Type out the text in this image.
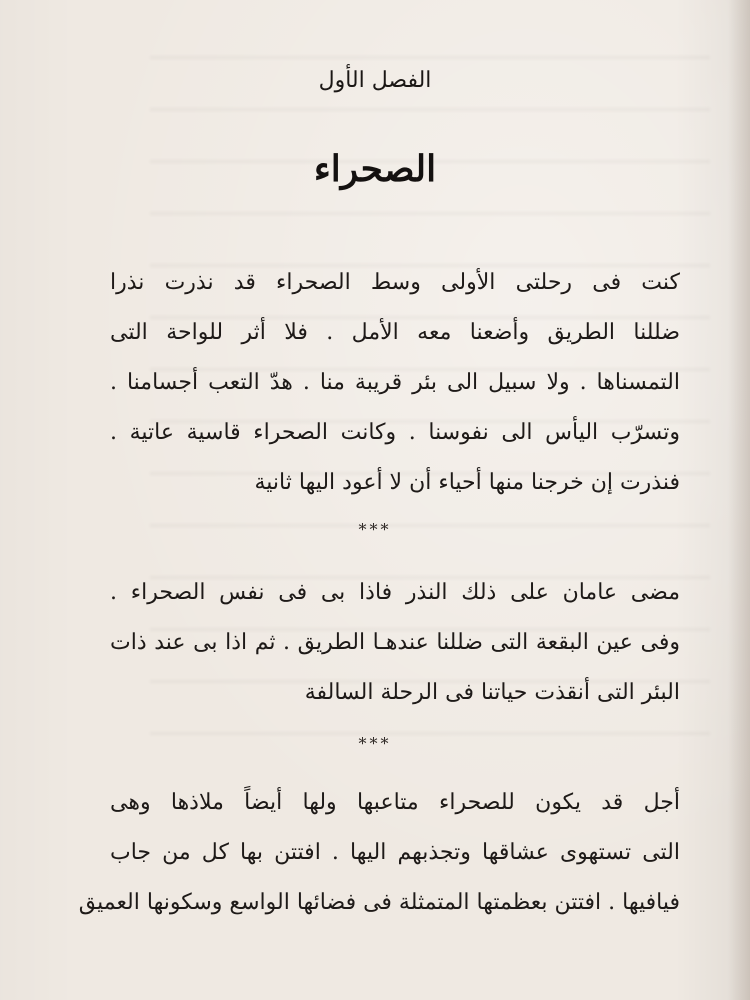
الفصل الأول
الصحراء
كنت فى رحلتى الأولى وسط الصحراء قد نذرت نذرا
ضللنا الطريق وأضعنا معه الأمل . فلا أثر للواحة التى
التمسناها . ولا سبيل الى بئر قريبة منا . هدّ التعب أجسامنا .
وتسرّب اليأس الى نفوسنا . وكانت الصحراء قاسية عاتية .
فنذرت إن خرجنا منها أحياء أن لا أعود اليها ثانية
***
مضى عامان على ذلك النذر فاذا بى فى نفس الصحراء .
وفى عين البقعة التى ضللنا عندهـا الطريق . ثم اذا بى عند ذات
البئر التى أنقذت حياتنا فى الرحلة السالفة
***
أجل قد يكون للصحراء متاعبها ولها أيضاً ملاذها وهى
التى تستهوى عشاقها وتجذبهم اليها . افتتن بها كل من جاب
فيافيها . افتتن بعظمتها المتمثلة فى فضائها الواسع وسكونها العميق
